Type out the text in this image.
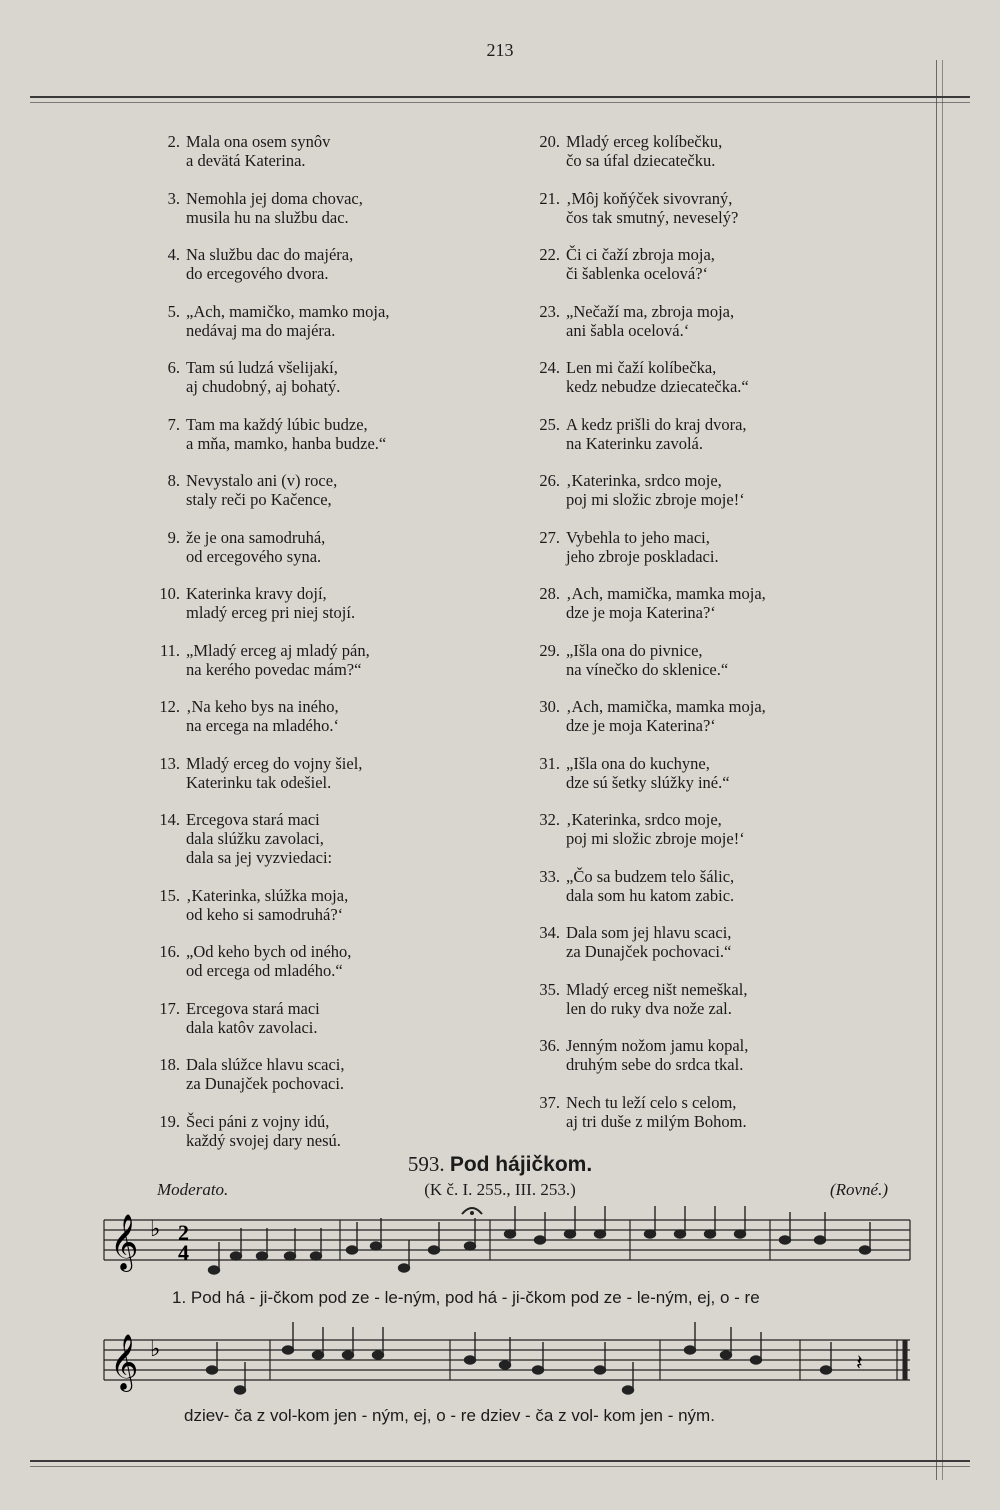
213
2. Mala ona osem synôv
a devätá Katerina.
3. Nemohla jej doma chovac,
musila hu na službu dac.
4. Na službu dac do majéra,
do ercegového dvora.
5. „Ach, mamičko, mamko moja,
nedávaj ma do majéra.
6. Tam sú ludzá všelijakí,
aj chudobný, aj bohatý.
7. Tam ma každý lúbic budze,
a mňa, mamko, hanba budze.“
8. Nevystalo ani (v) roce,
staly reči po Kačence,
9. že je ona samodruhá,
od ercegového syna.
10. Katerinka kravy dojí,
mladý erceg pri niej stojí.
11. „Mladý erceg aj mladý pán,
na kerého povedac mám?“
12. ‚Na keho bys na iného,
na ercega na mladého.‘
13. Mladý erceg do vojny šiel,
Katerinku tak odešiel.
14. Ercegova stará maci
dala slúžku zavolaci,
dala sa jej vyzviedaci:
15. ‚Katerinka, slúžka moja,
od keho si samodruhá?‘
16. „Od keho bych od iného,
od ercega od mladého.“
17. Ercegova stará maci
dala katôv zavolaci.
18. Dala slúžce hlavu scaci,
za Dunajček pochovaci.
19. Šeci páni z vojny idú,
každý svojej dary nesú.
20. Mladý erceg kolíbečku,
čo sa úfal dziecatečku.
21. ‚Môj koňýček sivovraný,
čos tak smutný, neveselý?
22. Či ci čaží zbroja moja,
či šablenka ocelová?‘
23. „Nečaží ma, zbroja moja,
ani šabla ocelová.‘
24. Len mi čaží kolíbečka,
kedz nebudze dziecatečka.“
25. A kedz prišli do kraj dvora,
na Katerinku zavolá.
26. ‚Katerinka, srdco moje,
poj mi složic zbroje moje!‘
27. Vybehla to jeho maci,
jeho zbroje poskladaci.
28. ‚Ach, mamička, mamka moja,
dze je moja Katerina?‘
29. „Išla ona do pivnice,
na vínečko do sklenice.“
30. ‚Ach, mamička, mamka moja,
dze je moja Katerina?‘
31. „Išla ona do kuchyne,
dze sú šetky slúžky iné.“
32. ‚Katerinka, srdco moje,
poj mi složic zbroje moje!‘
33. „Čo sa budzem telo šálic,
dala som hu katom zabic.
34. Dala som jej hlavu scaci,
za Dunajček pochovaci.“
35. Mladý erceg ništ nemeškal,
len do ruky dva nože zal.
36. Jenným nožom jamu kopal,
druhým sebe do srdca tkal.
37. Nech tu leží celo s celom,
aj tri duše z milým Bohom.
593. Pod hájičkom.
Moderato.	(K č. I. 255., III. 253.)	(Rovné.)
𝄞 ♭ 2
4
1. Pod há - ji-čkom pod ze - le-ným, pod há - ji-čkom pod ze - le-ným, ej, o - re
𝄞 ♭
𝄽
dziev- ča z vol-kom jen - ným, ej, o - re dziev - ča z vol- kom jen - ným.
